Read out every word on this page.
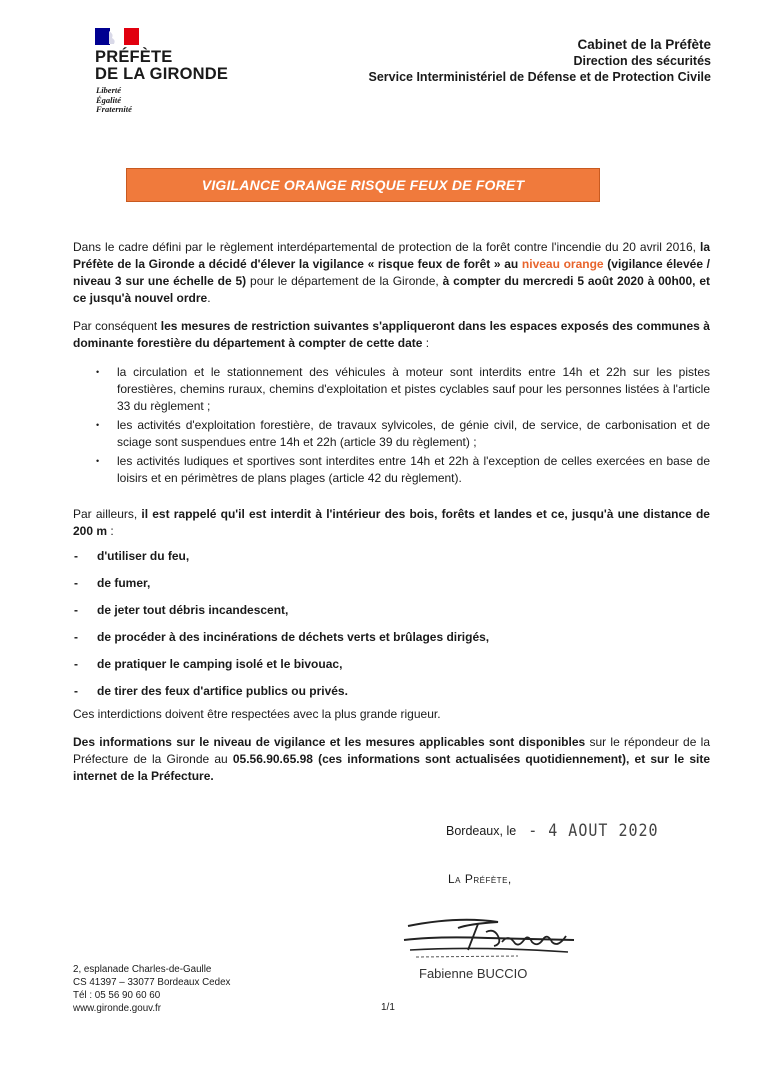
PRÉFÈTE
DE LA GIRONDE
Liberté
Égalité
Fraternité
Cabinet de la Préfète
Direction des sécurités
Service Interministériel de Défense et de Protection Civile
VIGILANCE ORANGE RISQUE FEUX DE FORET
Dans le cadre défini par le règlement interdépartemental de protection de la forêt contre l'incendie du 20 avril 2016, la Préfète de la Gironde a décidé d'élever la vigilance « risque feux de forêt » au niveau orange (vigilance élevée / niveau 3 sur une échelle de 5) pour le département de la Gironde, à compter du mercredi 5 août 2020 à 00h00, et ce jusqu'à nouvel ordre.
Par conséquent les mesures de restriction suivantes s'appliqueront dans les espaces exposés des communes à dominante forestière du département à compter de cette date :
• la circulation et le stationnement des véhicules à moteur sont interdits entre 14h et 22h sur les pistes forestières, chemins ruraux, chemins d'exploitation et pistes cyclables sauf pour les personnes listées à l'article 33 du règlement ;
• les activités d'exploitation forestière, de travaux sylvicoles, de génie civil, de service, de carbonisation et de sciage sont suspendues entre 14h et 22h (article 39 du règlement) ;
• les activités ludiques et sportives sont interdites entre 14h et 22h à l'exception de celles exercées en base de loisirs et en périmètres de plans plages (article 42 du règlement).
Par ailleurs, il est rappelé qu'il est interdit à l'intérieur des bois, forêts et landes et ce, jusqu'à une distance de 200 m :
- d'utiliser du feu,
- de fumer,
- de jeter tout débris incandescent,
- de procéder à des incinérations de déchets verts et brûlages dirigés,
- de pratiquer le camping isolé et le bivouac,
- de tirer des feux d'artifice publics ou privés.
Ces interdictions doivent être respectées avec la plus grande rigueur.
Des informations sur le niveau de vigilance et les mesures applicables sont disponibles sur le répondeur de la Préfecture de la Gironde au 05.56.90.65.98 (ces informations sont actualisées quotidiennement), et sur le site internet de la Préfecture.
Bordeaux, le - 4 AOUT 2020
La Préfète,
Fabienne BUCCIO
2, esplanade Charles-de-Gaulle
CS 41397 – 33077 Bordeaux Cedex
Tél : 05 56 90 60 60
www.gironde.gouv.fr	1/1
